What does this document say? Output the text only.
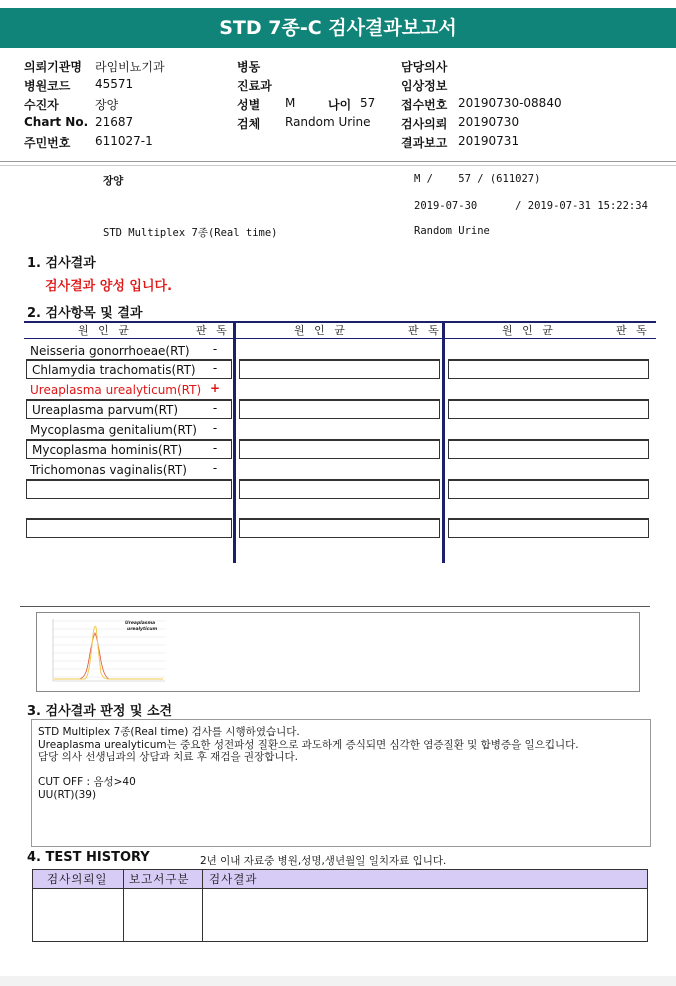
STD 7종-C 검사결과보고서
의뢰기관명 라임비뇨기과
병원코드 45571
수진자	장양
Chart No. 21687
주민번호 611027-1
병동
진료과
성별 M	나이 57
검체 Random Urine
담당의사
임상정보
접수번호 20190730-08840
검사의뢰 20190730
결과보고 20190731
장양	M /    57 / (611027)
2019-07-30      / 2019-07-31 15:22:34
STD Multiplex 7종(Real time)	Random Urine
1. 검사결과
검사결과 양성 입니다.
2. 검사항목 및 결과
원 인 균	판 독	원 인 균	판 독	원 인 균	판 독
Neisseria gonorrhoeae(RT)	-
Chlamydia trachomatis(RT)	-
Ureaplasma urealyticum(RT) +
Ureaplasma parvum(RT)	-
Mycoplasma genitalium(RT)	-
Mycoplasma hominis(RT)	-
Trichomonas vaginalis(RT)	-
Ureaplasma
urealyticum
3. 검사결과 판정 및 소견
STD Multiplex 7종(Real time) 검사를 시행하였습니다.
Ureaplasma urealyticum는 중요한 성전파성 질환으로 과도하게 증식되면 심각한 염증질환 및 합병증을 일으킵니다.
담당 의사 선생님과의 상담과 치료 후 재검을 권장합니다.
CUT OFF : 음성>40
UU(RT)(39)
4. TEST HISTORY	2년 이내 자료중 병원,성명,생년월일 일치자료 입니다.
검사의뢰일 보고서구분 검사결과
